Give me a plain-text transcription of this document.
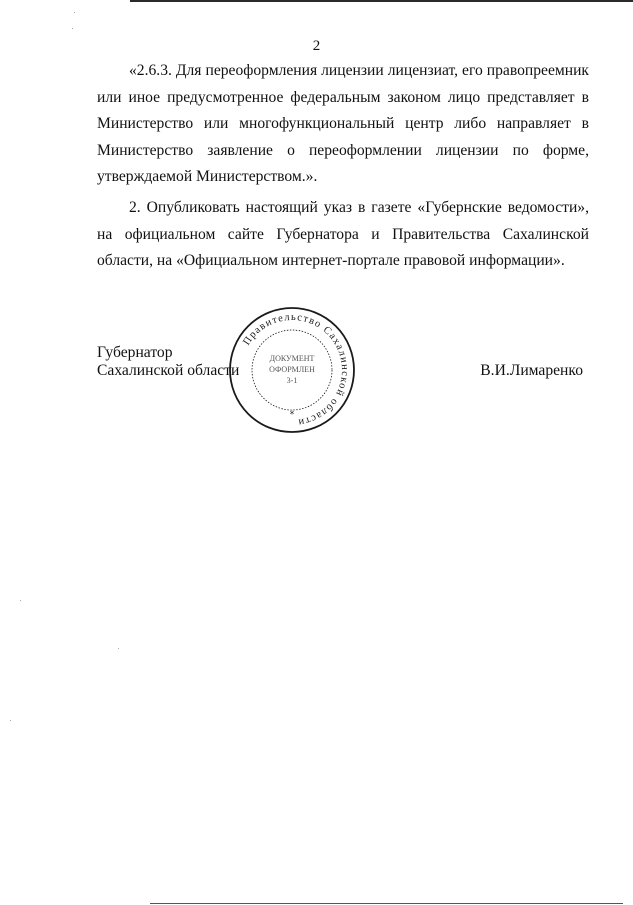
2

«2.6.3. Для переоформления лицензии лицензиат, его правопреемник или иное предусмотренное федеральным законом лицо представляет в Министерство или многофункциональный центр либо направляет в Министерство заявление о переоформлении лицензии по форме, утверждаемой Министерством.».

2. Опубликовать настоящий указ в газете «Губернские ведомости», на официальном сайте Губернатора и Правительства Сахалинской области, на «Официальном интернет-портале правовой информации».

Губернатор
Сахалинской области	В.И.Лимаренко
Правительство Сахалинской области
ДОКУМЕНТ
ОФОРМЛЕН
3-1
*
